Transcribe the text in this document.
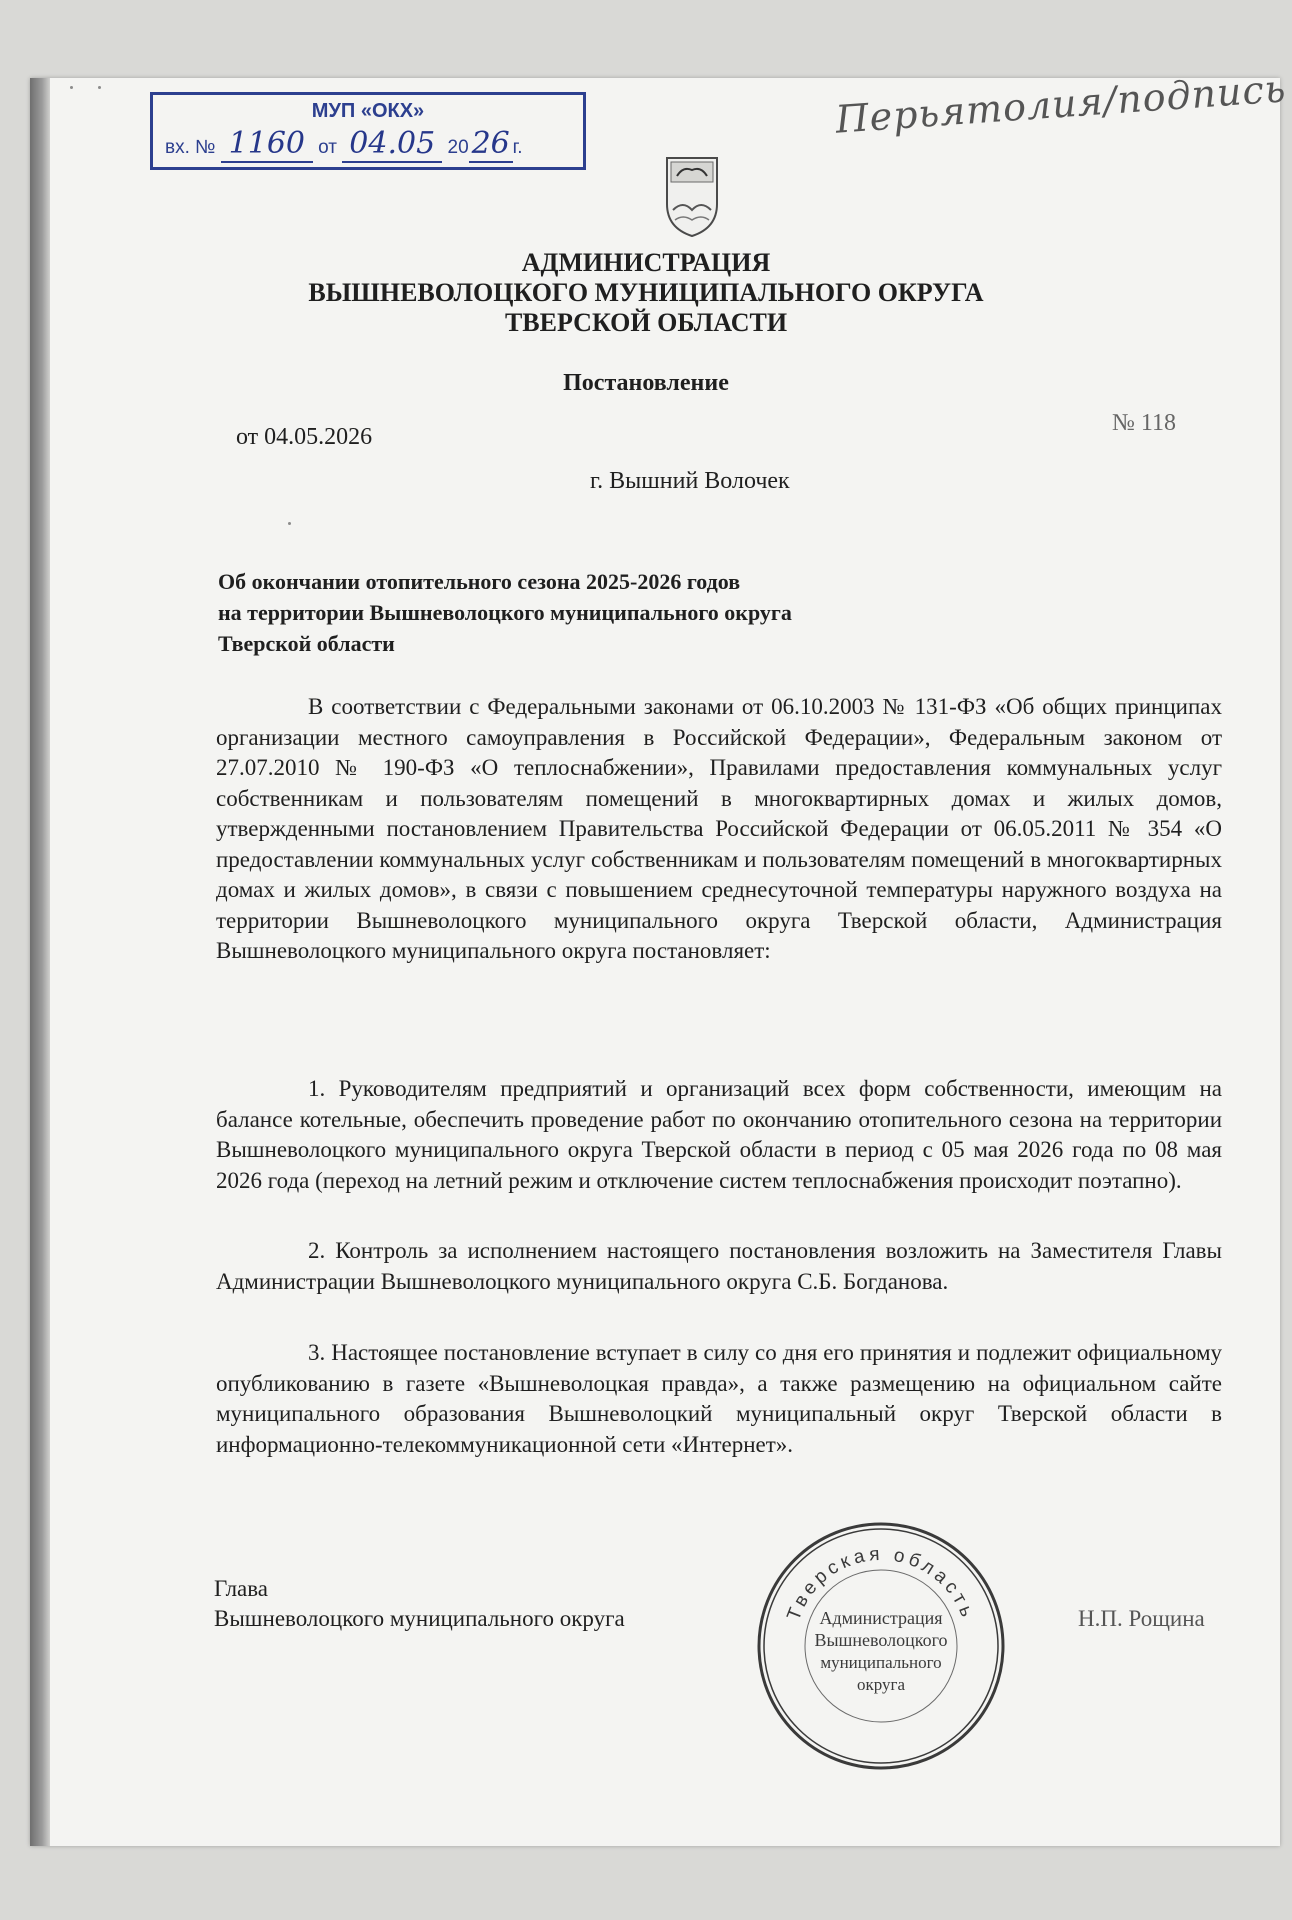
МУП «ОКХ»
вх. № 1160 от 04.05 2026 г.
Перьятолия/подпись
АДМИНИСТРАЦИЯ
ВЫШНЕВОЛОЦКОГО МУНИЦИПАЛЬНОГО ОКРУГА
ТВЕРСКОЙ ОБЛАСТИ
Постановление
от 04.05.2026
№ 118
г. Вышний Волочек
Об окончании отопительного сезона 2025-2026 годов
на территории Вышневолоцкого муниципального округа
Тверской области

В соответствии с Федеральными законами от 06.10.2003 № 131-ФЗ «Об общих принципах организации местного самоуправления в Российской Федерации», Федеральным законом от 27.07.2010 № 190-ФЗ «О теплоснабжении», Правилами предоставления коммунальных услуг собственникам и пользователям помещений в многоквартирных домах и жилых домов, утвержденными постановлением Правительства Российской Федерации от 06.05.2011 № 354 «О предоставлении коммунальных услуг собственникам и пользователям помещений в многоквартирных домах и жилых домов», в связи с повышением среднесуточной температуры наружного воздуха на территории Вышневолоцкого муниципального округа Тверской области, Администрация Вышневолоцкого муниципального округа постановляет:

1. Руководителям предприятий и организаций всех форм собственности, имеющим на балансе котельные, обеспечить проведение работ по окончанию отопительного сезона на территории Вышневолоцкого муниципального округа Тверской области в период с 05 мая 2026 года по 08 мая 2026 года (переход на летний режим и отключение систем теплоснабжения происходит поэтапно).

2. Контроль за исполнением настоящего постановления возложить на Заместителя Главы Администрации Вышневолоцкого муниципального округа С.Б. Богданова.

3. Настоящее постановление вступает в силу со дня его принятия и подлежит официальному опубликованию в газете «Вышневолоцкая правда», а также размещению на официальном сайте муниципального образования Вышневолоцкий муниципальный округ Тверской области в информационно-телекоммуникационной сети «Интернет».

Глава
Вышневолоцкого муниципального округа	Н.П. Рощина
Тверская область
Администрация
Вышневолоцкого
муниципального
округа
